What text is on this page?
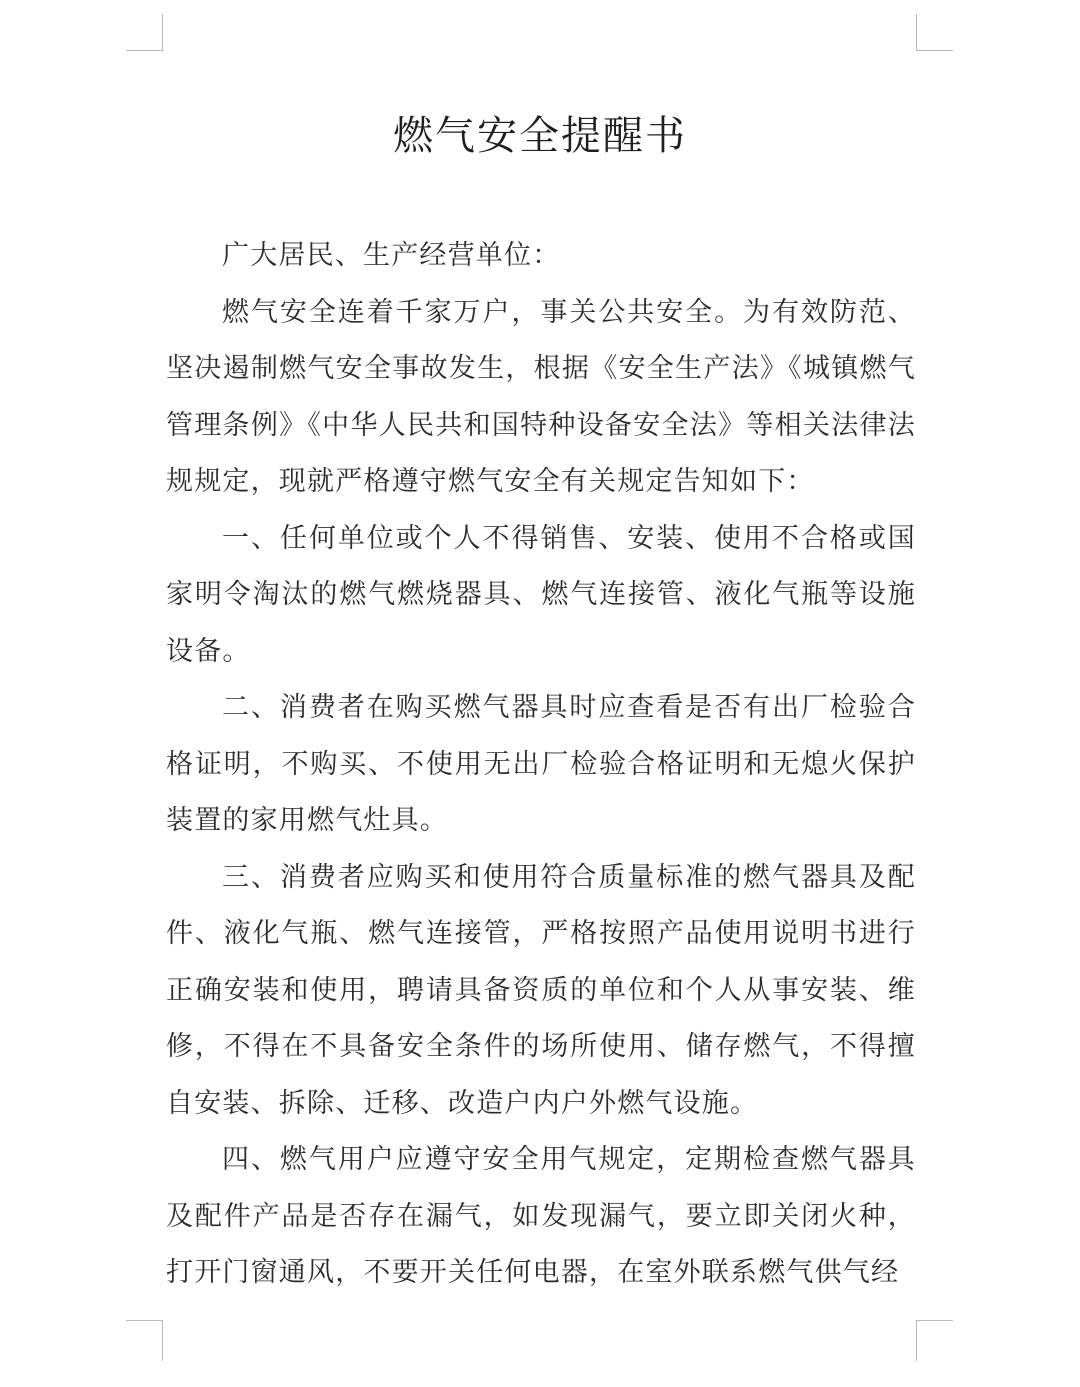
燃气安全提醒书

广大居民、生产经营单位：

燃气安全连着千家万户，事关公共安全。为有效防范、坚决遏制燃气安全事故发生，根据《安全生产法》《城镇燃气管理条例》《中华人民共和国特种设备安全法》等相关法律法规规定，现就严格遵守燃气安全有关规定告知如下：

一、任何单位或个人不得销售、安装、使用不合格或国家明令淘汰的燃气燃烧器具、燃气连接管、液化气瓶等设施设备。

二、消费者在购买燃气器具时应查看是否有出厂检验合格证明，不购买、不使用无出厂检验合格证明和无熄火保护装置的家用燃气灶具。

三、消费者应购买和使用符合质量标准的燃气器具及配件、液化气瓶、燃气连接管，严格按照产品使用说明书进行正确安装和使用，聘请具备资质的单位和个人从事安装、维修，不得在不具备安全条件的场所使用、储存燃气，不得擅自安装、拆除、迁移、改造户内户外燃气设施。

四、燃气用户应遵守安全用气规定，定期检查燃气器具及配件产品是否存在漏气，如发现漏气，要立即关闭火种，打开门窗通风，不要开关任何电器，在室外联系燃气供气经
